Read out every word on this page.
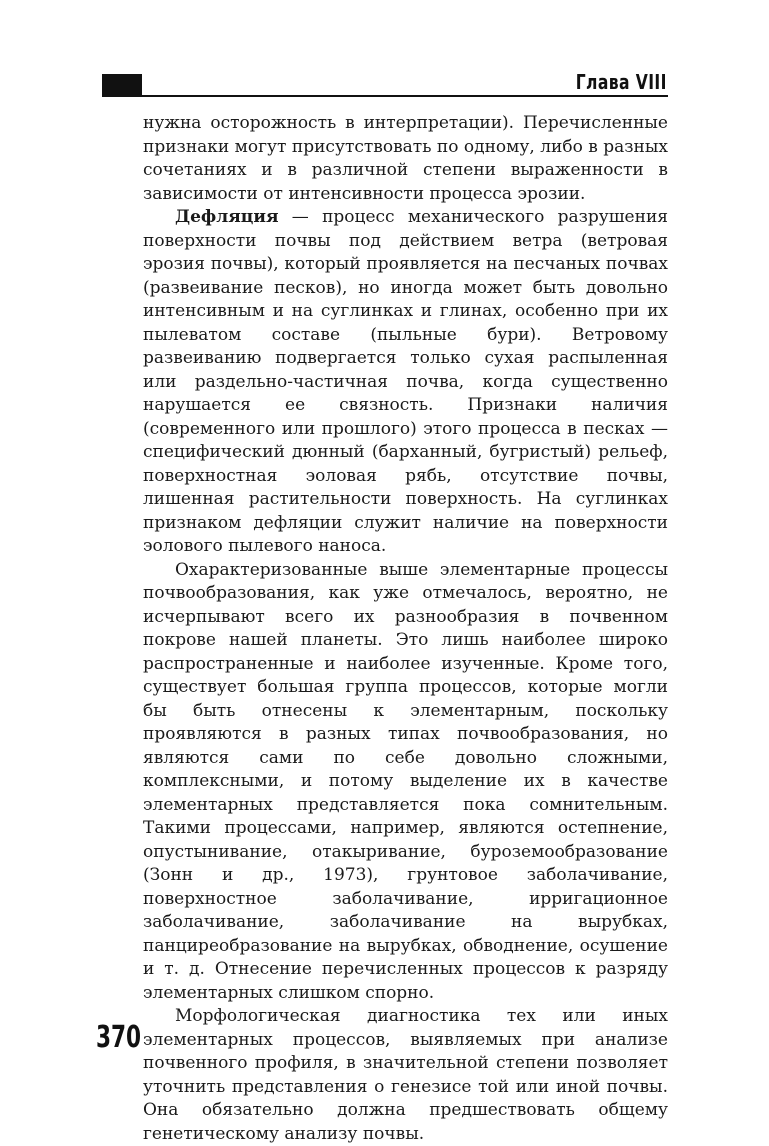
Глава VIII

нужна осторожность в интерпретации). Перечисленные признаки могут присутствовать по одному, либо в разных сочетаниях и в различной степени выраженности в зависимости от интенсивности процесса эрозии.

Дефляция — процесс механического разрушения поверхности почвы под действием ветра (ветровая эрозия почвы), который проявляется на песчаных почвах (развеивание песков), но иногда может быть довольно интенсивным и на суглинках и глинах, особенно при их пылеватом составе (пыльные бури). Ветровому развеиванию подвергается только сухая распыленная или раздельно-частичная почва, когда существенно нарушается ее связность. Признаки наличия (современного или прошлого) этого процесса в песках — специфический дюнный (барханный, бугристый) рельеф, поверхностная эоловая рябь, отсутствие почвы, лишенная растительности поверхность. На суглинках признаком дефляции служит наличие на поверхности эолового пылевого наноса.

Охарактеризованные выше элементарные процессы почвообразования, как уже отмечалось, вероятно, не исчерпывают всего их разнообразия в почвенном покрове нашей планеты. Это лишь наиболее широко распространенные и наиболее изученные. Кроме того, существует большая группа процессов, которые могли бы быть отнесены к элементарным, поскольку проявляются в разных типах почвообразования, но являются сами по себе довольно сложными, комплексными, и потому выделение их в качестве элементарных представляется пока сомнительным. Такими процессами, например, являются остепнение, опустынивание, отакыривание, буроземообразование (Зонн и др., 1973), грунтовое заболачивание, поверхностное заболачивание, ирригационное заболачивание, заболачивание на вырубках, панциреобразование на вырубках, обводнение, осушение и т. д. Отнесение перечисленных процессов к разряду элементарных слишком спорно.

Морфологическая диагностика тех или иных элементарных процессов, выявляемых при анализе почвенного профиля, в значительной степени позволяет уточнить представления о генезисе той или иной почвы. Она обязательно должна предшествовать общему генетическому анализу почвы.

370
